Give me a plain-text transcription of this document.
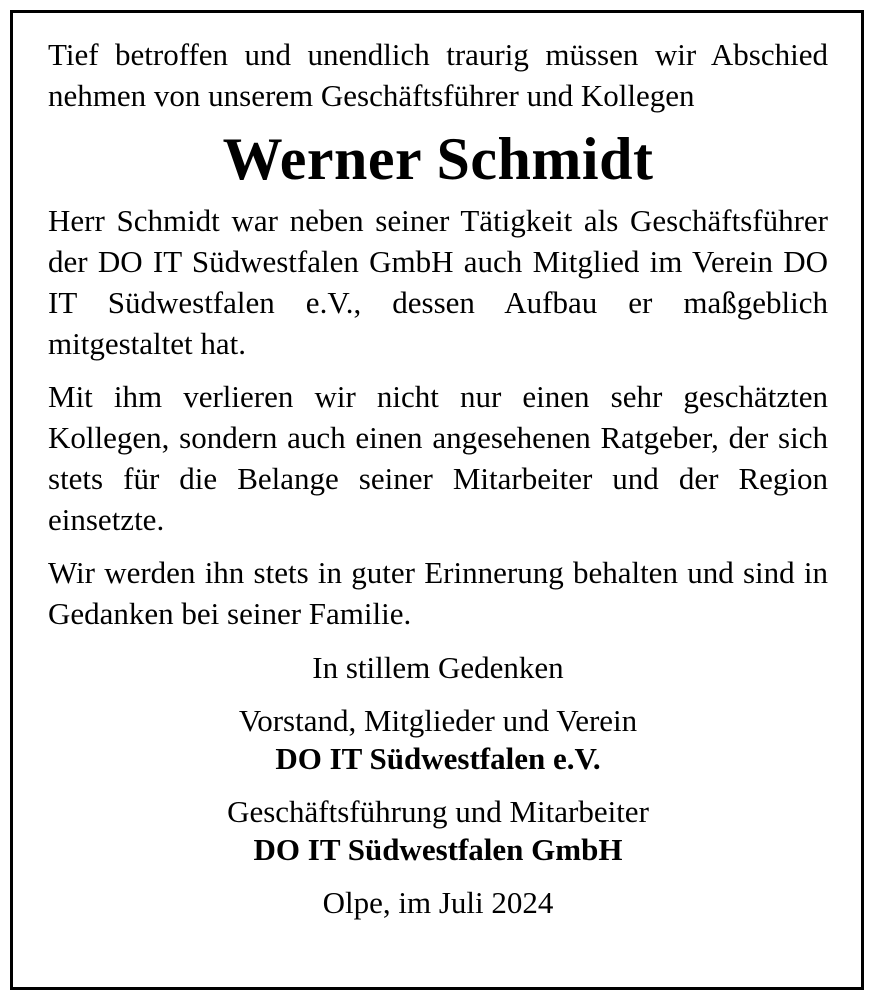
Tief betroffen und unendlich traurig müssen wir Abschied nehmen von unserem Geschäftsführer und Kollegen

Werner Schmidt

Herr Schmidt war neben seiner Tätigkeit als Geschäftsführer der DO IT Südwestfalen GmbH auch Mitglied im Verein DO IT Südwestfalen e.V., dessen Aufbau er maßgeblich mitgestaltet hat.

Mit ihm verlieren wir nicht nur einen sehr geschätzten Kollegen, sondern auch einen angesehenen Ratgeber, der sich stets für die Belange seiner Mitarbeiter und der Region einsetzte.

Wir werden ihn stets in guter Erinnerung behalten und sind in Gedanken bei seiner Familie.

In stillem Gedenken

Vorstand, Mitglieder und Verein

DO IT Südwestfalen e.V.

Geschäftsführung und Mitarbeiter

DO IT Südwestfalen GmbH

Olpe, im Juli 2024
